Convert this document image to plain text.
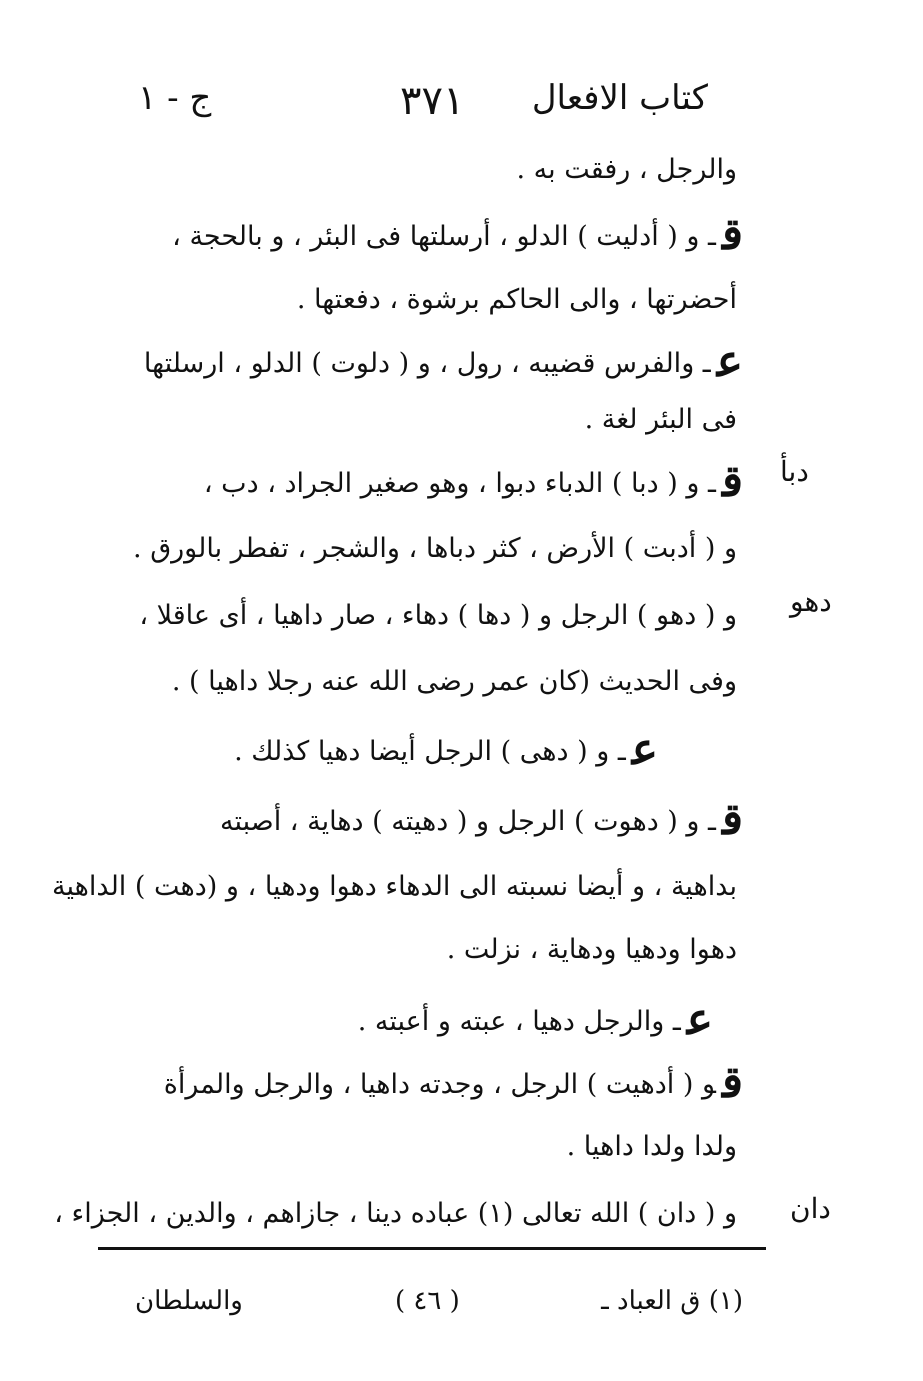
كتاب الافعال
٣٧١
ج - ١
والرجل ، رفقت به .
قـ و ( أدليت ) الدلو ، أرسلتها فى البئر ، و بالحجة ،
أحضرتها ، والى الحاكم برشوة ، دفعتها .
عـ والفرس قضيبه ، رول ، و ( دلوت ) الدلو ، ارسلتها
فى البئر لغة .
قـ و ( دبا ) الدباء دبوا ، وهو صغير الجراد ، دب ،
و ( أدبت ) الأرض ، كثر دباها ، والشجر ، تفطر بالورق .
و ( دهو ) الرجل و ( دها ) دهاء ، صار داهيا ، أى عاقلا ،
وفى الحديث (كان عمر رضى الله عنه رجلا داهيا ) .
عـ و ( دهى ) الرجل أيضا دهيا كذلك .
قـ و ( دهوت ) الرجل و ( دهيته ) دهاية ، أصبته
بداهية ، و أيضا نسبته الى الدهاء دهوا ودهيا ، و (دهت ) الداهية
دهوا ودهيا ودهاية ، نزلت .
عـ والرجل دهيا ، عبته و أعبته .
قو ( أدهيت ) الرجل ، وجدته داهيا ، والرجل والمرأة
ولدا ولدا داهيا .
و ( دان ) الله تعالى (١) عباده دينا ، جازاهم ، والدين ، الجزاء ،
دبأ
دهو
دان
(١) ق العباد ـ
( ٤٦ )
والسلطان
